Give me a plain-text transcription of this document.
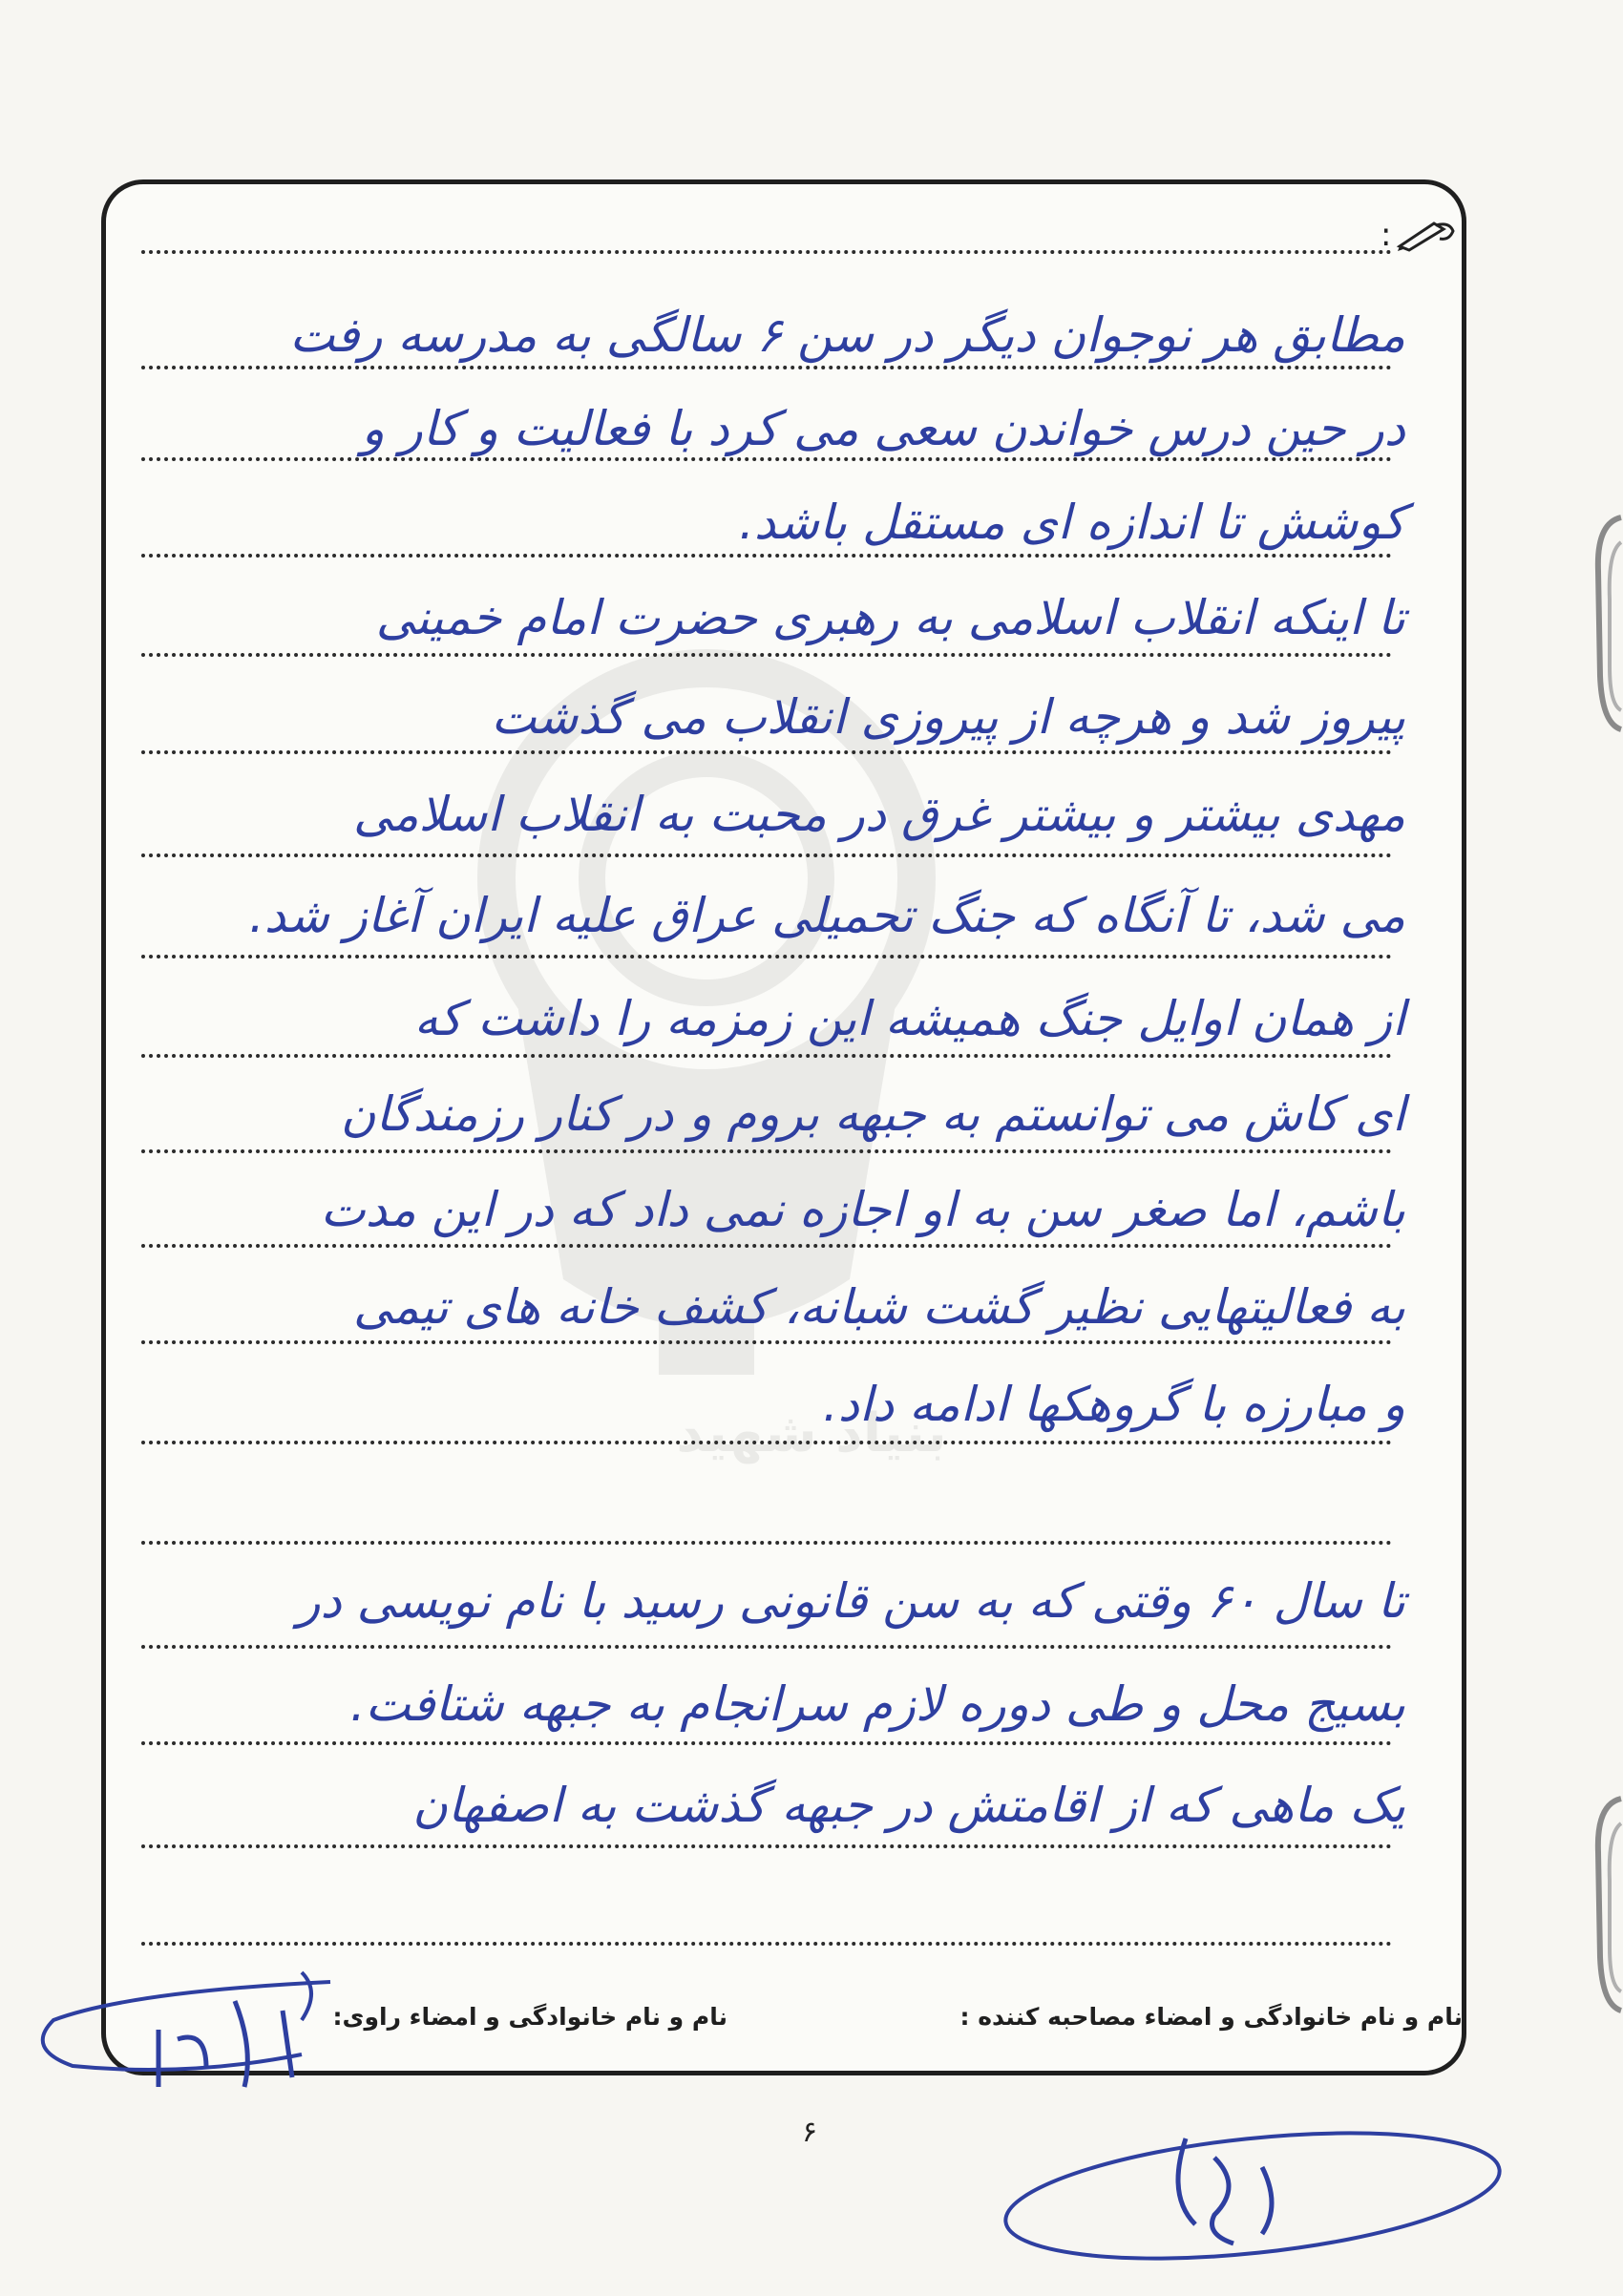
بنیاد شهید
:
مطابق هر نوجوان دیگر در سن ۶ سالگی به مدرسه رفت
در حین درس خواندن سعی می کرد با فعالیت و کار و
کوشش تا اندازه ای مستقل باشد.
تا اینکه انقلاب اسلامی به رهبری حضرت امام خمینی
پیروز شد و هرچه از پیروزی انقلاب می گذشت
مهدی بیشتر و بیشتر غرق در محبت به انقلاب اسلامی
می شد، تا آنگاه که جنگ تحمیلی عراق علیه ایران آغاز شد.
از همان اوایل جنگ همیشه این زمزمه را داشت که
ای کاش می توانستم به جبهه بروم و در کنار رزمندگان
باشم، اما صغر سن به او اجازه نمی داد که در این مدت
به فعالیتهایی نظیر گشت شبانه، کشف خانه های تیمی
و مبارزه با گروهکها ادامه داد.
تا سال ۶۰ وقتی که به سن قانونی رسید با نام نویسی در
بسیج محل و طی دوره لازم سرانجام به جبهه شتافت.
یک ماهی که از اقامتش در جبهه گذشت به اصفهان
نام و نام خانوادگی و امضاء مصاحبه کننده :
نام و نام خانوادگی و امضاء راوی:
۶
